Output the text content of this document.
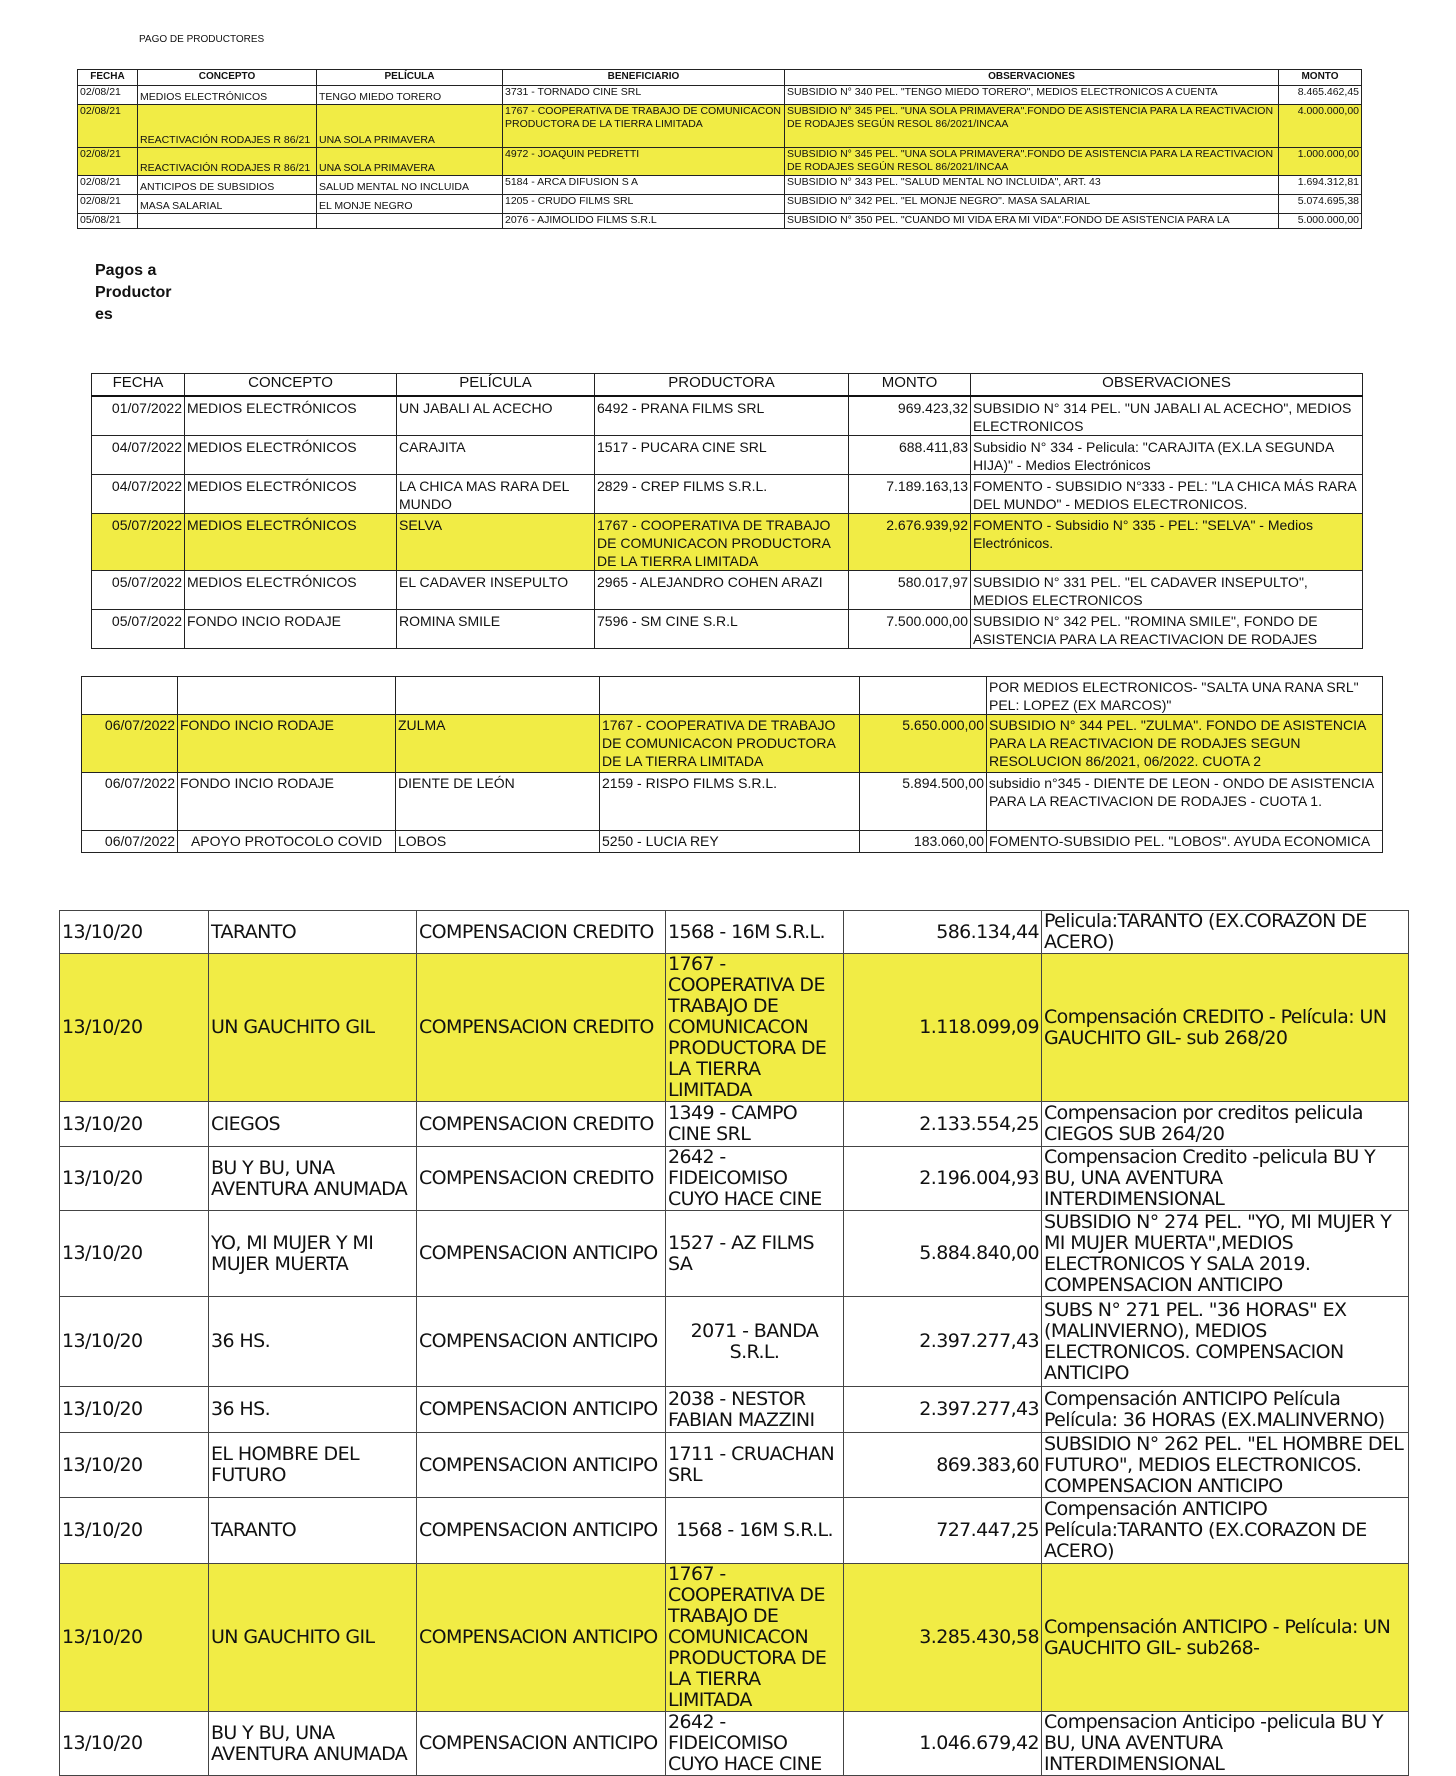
PAGO DE PRODUCTORES
FECHA	CONCEPTO	PELÍCULA	BENEFICIARIO	OBSERVACIONES	MONTO
02/08/21	MEDIOS ELECTRÓNICOS	TENGO MIEDO TORERO	3731 - TORNADO CINE SRL	SUBSIDIO N° 340 PEL. "TENGO MIEDO TORERO", MEDIOS ELECTRONICOS A CUENTA	8.465.462,45
02/08/21	REACTIVACIÓN RODAJES R 86/21	UNA SOLA PRIMAVERA	1767 - COOPERATIVA DE TRABAJO DE COMUNICACON PRODUCTORA DE LA TIERRA LIMITADA	SUBSIDIO N° 345 PEL. "UNA SOLA PRIMAVERA".FONDO DE ASISTENCIA PARA LA REACTIVACION DE RODAJES SEGÚN RESOL 86/2021/INCAA	4.000.000,00
02/08/21	REACTIVACIÓN RODAJES R 86/21	UNA SOLA PRIMAVERA	4972 - JOAQUIN PEDRETTI	SUBSIDIO N° 345 PEL. "UNA SOLA PRIMAVERA".FONDO DE ASISTENCIA PARA LA REACTIVACION DE RODAJES SEGÚN RESOL 86/2021/INCAA	1.000.000,00
02/08/21	ANTICIPOS DE SUBSIDIOS	SALUD MENTAL NO INCLUIDA	5184 - ARCA DIFUSION S A	SUBSIDIO N° 343 PEL. "SALUD MENTAL NO INCLUIDA", ART. 43	1.694.312,81
02/08/21	MASA SALARIAL	EL MONJE NEGRO	1205 - CRUDO FILMS SRL	SUBSIDIO N° 342 PEL. "EL MONJE NEGRO". MASA SALARIAL	5.074.695,38
05/08/21			2076 - AJIMOLIDO FILMS S.R.L	SUBSIDIO N° 350 PEL. "CUANDO MI VIDA ERA MI VIDA".FONDO DE ASISTENCIA PARA LA	5.000.000,00
Pagos a Productor es
FECHA	CONCEPTO	PELÍCULA	PRODUCTORA	MONTO	OBSERVACIONES
01/07/2022	MEDIOS ELECTRÓNICOS	UN JABALI AL ACECHO	6492 - PRANA FILMS SRL	969.423,32	SUBSIDIO N° 314 PEL. "UN JABALI AL ACECHO", MEDIOS ELECTRONICOS
04/07/2022	MEDIOS ELECTRÓNICOS	CARAJITA	1517 - PUCARA CINE SRL	688.411,83	Subsidio N° 334 - Pelicula: "CARAJITA (EX.LA SEGUNDA HIJA)" - Medios Electrónicos
04/07/2022	MEDIOS ELECTRÓNICOS	LA CHICA MAS RARA DEL MUNDO	2829 - CREP FILMS S.R.L.	7.189.163,13	FOMENTO - SUBSIDIO N°333 - PEL: "LA CHICA MÁS RARA DEL MUNDO" - MEDIOS ELECTRONICOS.
05/07/2022	MEDIOS ELECTRÓNICOS	SELVA	1767 - COOPERATIVA DE TRABAJO DE COMUNICACON PRODUCTORA DE LA TIERRA LIMITADA	2.676.939,92	FOMENTO - Subsidio N° 335 - PEL: "SELVA" - Medios Electrónicos.
05/07/2022	MEDIOS ELECTRÓNICOS	EL CADAVER INSEPULTO	2965 - ALEJANDRO COHEN ARAZI	580.017,97	SUBSIDIO N° 331 PEL. "EL CADAVER INSEPULTO", MEDIOS ELECTRONICOS
05/07/2022	FONDO INCIO RODAJE	ROMINA SMILE	7596 - SM CINE S.R.L	7.500.000,00	SUBSIDIO N° 342 PEL. "ROMINA SMILE", FONDO DE ASISTENCIA PARA LA REACTIVACION DE RODAJES
					POR MEDIOS ELECTRONICOS- "SALTA UNA RANA SRL" PEL: LOPEZ (EX MARCOS)"
06/07/2022	FONDO INCIO RODAJE	ZULMA	1767 - COOPERATIVA DE TRABAJO DE COMUNICACON PRODUCTORA DE LA TIERRA LIMITADA	5.650.000,00	SUBSIDIO N° 344 PEL. "ZULMA". FONDO DE ASISTENCIA PARA LA REACTIVACION DE RODAJES SEGUN RESOLUCION 86/2021, 06/2022. CUOTA 2
06/07/2022	FONDO INCIO RODAJE	DIENTE DE LEÓN	2159 - RISPO FILMS S.R.L.	5.894.500,00	subsidio n°345 - DIENTE DE LEON - ONDO DE ASISTENCIA PARA LA REACTIVACION DE RODAJES - CUOTA 1.
06/07/2022	APOYO PROTOCOLO COVID	LOBOS	5250 - LUCIA REY	183.060,00	FOMENTO-SUBSIDIO PEL. "LOBOS". AYUDA ECONOMICA
13/10/20	TARANTO	COMPENSACION CREDITO	1568 - 16M S.R.L.	586.134,44	Pelicula:TARANTO (EX.CORAZON DE ACERO)
13/10/20	UN GAUCHITO GIL	COMPENSACION CREDITO	1767 - COOPERATIVA DE TRABAJO DE COMUNICACON PRODUCTORA DE LA TIERRA LIMITADA	1.118.099,09	Compensación CREDITO - Película: UN GAUCHITO GIL- sub 268/20
13/10/20	CIEGOS	COMPENSACION CREDITO	1349 - CAMPO CINE SRL	2.133.554,25	Compensacion por creditos pelicula CIEGOS SUB 264/20
13/10/20	BU Y BU, UNA AVENTURA ANUMADA	COMPENSACION CREDITO	2642 - FIDEICOMISO CUYO HACE CINE	2.196.004,93	Compensacion Credito -pelicula BU Y BU, UNA AVENTURA INTERDIMENSIONAL
13/10/20	YO, MI MUJER Y MI MUJER MUERTA	COMPENSACION ANTICIPO	1527 - AZ FILMS SA	5.884.840,00	SUBSIDIO N° 274 PEL. "YO, MI MUJER Y MI MUJER MUERTA",MEDIOS ELECTRONICOS Y SALA 2019. COMPENSACION ANTICIPO
13/10/20	36 HS.	COMPENSACION ANTICIPO	2071 - BANDA S.R.L.	2.397.277,43	SUBS N° 271 PEL. "36 HORAS" EX (MALINVIERNO), MEDIOS ELECTRONICOS. COMPENSACION ANTICIPO
13/10/20	36 HS.	COMPENSACION ANTICIPO	2038 - NESTOR FABIAN MAZZINI	2.397.277,43	Compensación ANTICIPO Película Película: 36 HORAS (EX.MALINVERNO)
13/10/20	EL HOMBRE DEL FUTURO	COMPENSACION ANTICIPO	1711 - CRUACHAN SRL	869.383,60	SUBSIDIO N° 262 PEL. "EL HOMBRE DEL FUTURO", MEDIOS ELECTRONICOS. COMPENSACION ANTICIPO
13/10/20	TARANTO	COMPENSACION ANTICIPO	1568 - 16M S.R.L.	727.447,25	Compensación ANTICIPO Película:TARANTO (EX.CORAZON DE ACERO)
13/10/20	UN GAUCHITO GIL	COMPENSACION ANTICIPO	1767 - COOPERATIVA DE TRABAJO DE COMUNICACON PRODUCTORA DE LA TIERRA LIMITADA	3.285.430,58	Compensación ANTICIPO - Película: UN GAUCHITO GIL- sub268-
13/10/20	BU Y BU, UNA AVENTURA ANUMADA	COMPENSACION ANTICIPO	2642 - FIDEICOMISO CUYO HACE CINE	1.046.679,42	Compensacion Anticipo -pelicula BU Y BU, UNA AVENTURA INTERDIMENSIONAL
